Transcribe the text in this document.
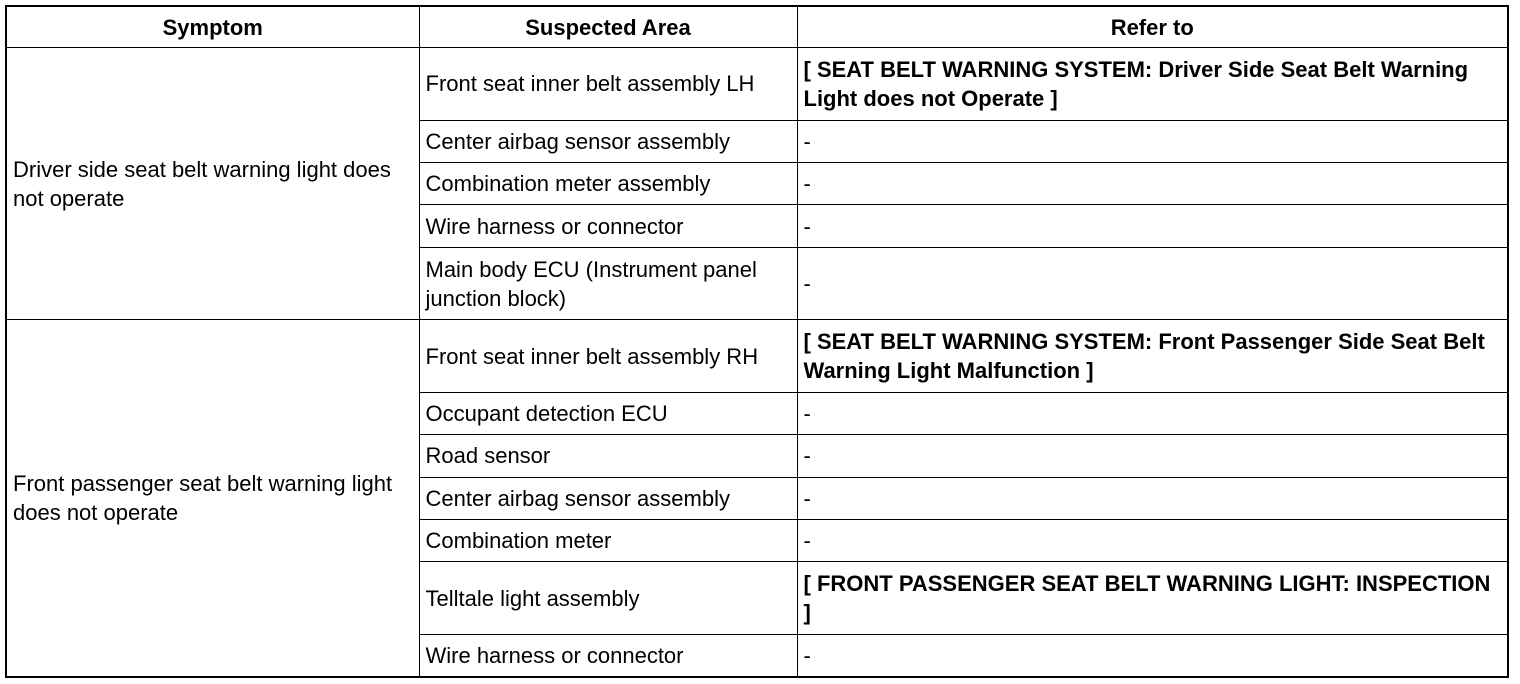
Symptom	Suspected Area	Refer to
Driver side seat belt warning light does not operate	Front seat inner belt assembly LH	[ SEAT BELT WARNING SYSTEM: Driver Side Seat Belt Warning Light does not Operate ]
	Center airbag sensor assembly	-
	Combination meter assembly	-
	Wire harness or connector	-
	Main body ECU (Instrument panel junction block)	-
Front passenger seat belt warning light does not operate	Front seat inner belt assembly RH	[ SEAT BELT WARNING SYSTEM: Front Passenger Side Seat Belt Warning Light Malfunction ]
	Occupant detection ECU	-
	Road sensor	-
	Center airbag sensor assembly	-
	Combination meter	-
	Telltale light assembly	[ FRONT PASSENGER SEAT BELT WARNING LIGHT: INSPECTION ]
	Wire harness or connector	-
